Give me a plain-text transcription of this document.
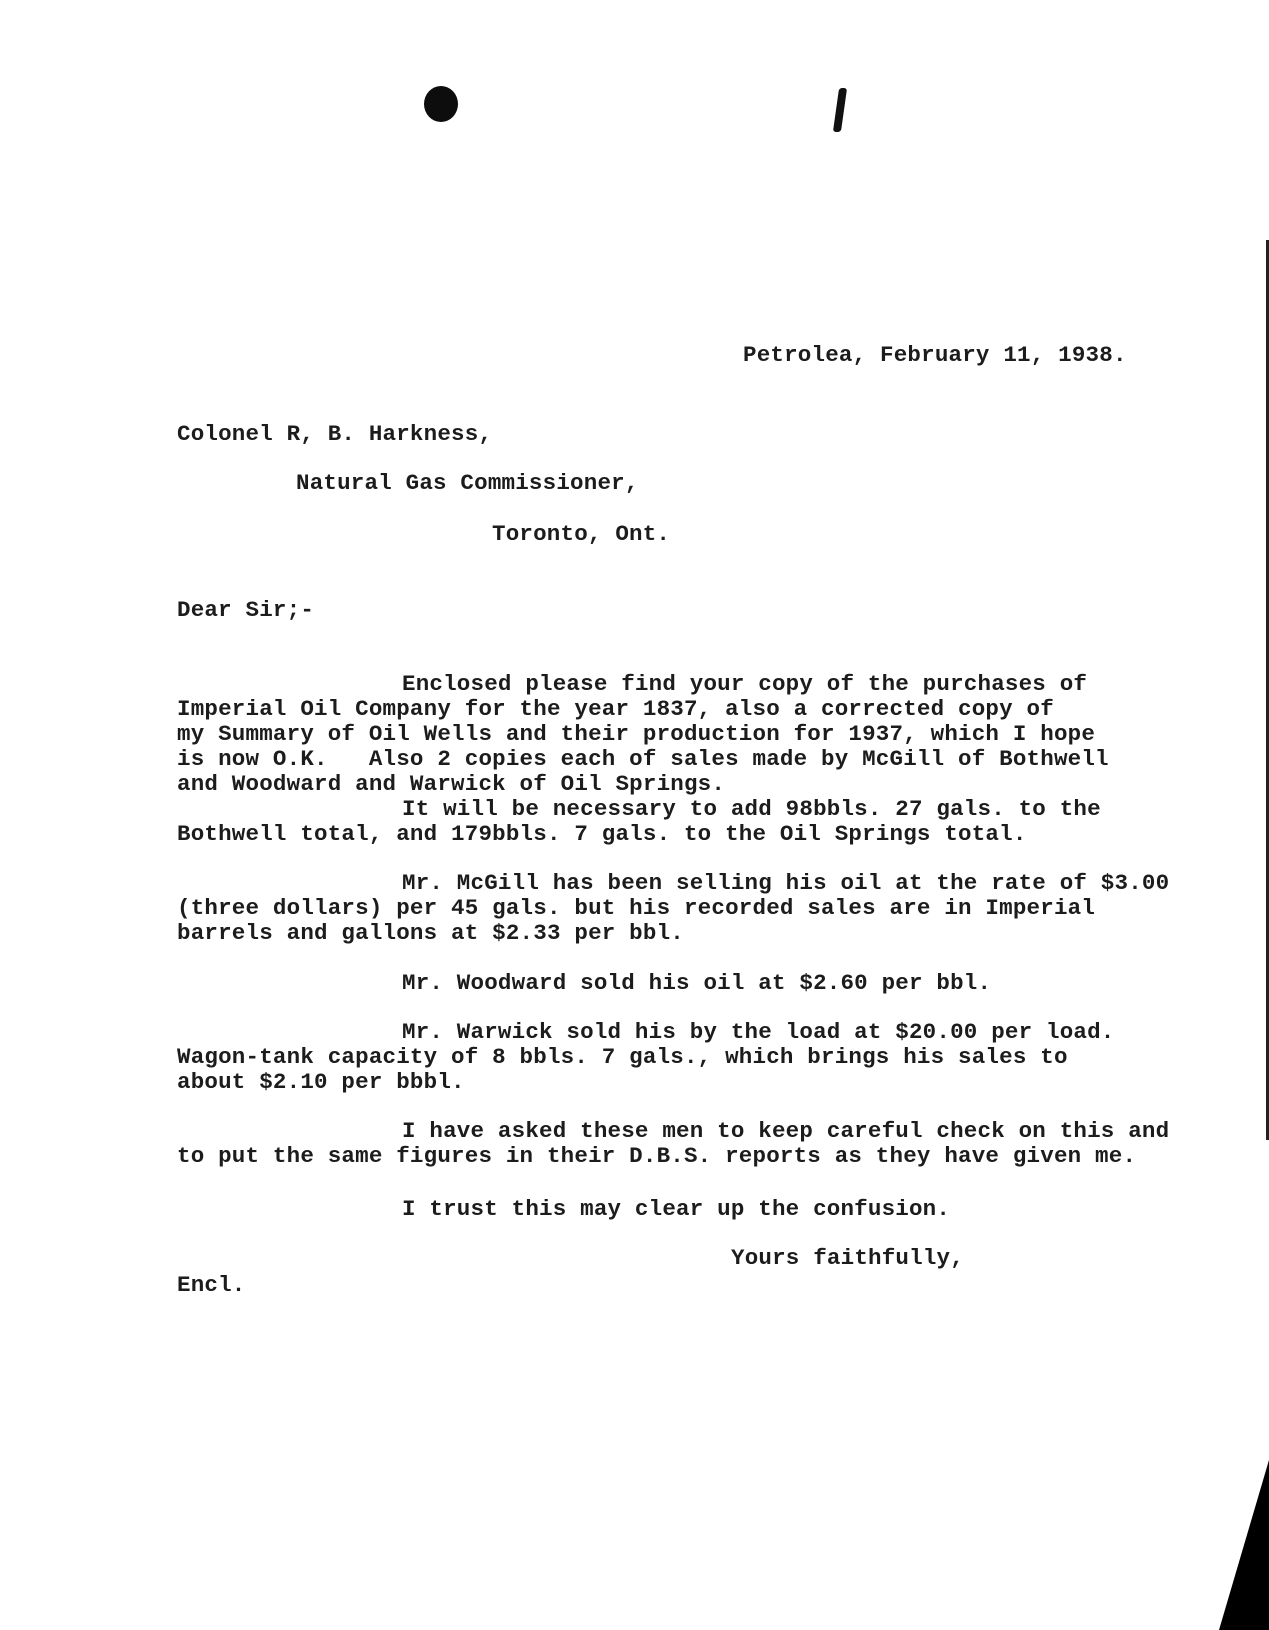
Petrolea, February 11, 1938.
Colonel R, B. Harkness,
Natural Gas Commissioner,
Toronto, Ont.
Dear Sir;-
Enclosed please find your copy of the purchases of
Imperial Oil Company for the year 1837, also a corrected copy of
my Summary of Oil Wells and their production for 1937, which I hope
is now O.K.   Also 2 copies each of sales made by McGill of Bothwell
and Woodward and Warwick of Oil Springs.
It will be necessary to add 98bbls. 27 gals. to the
Bothwell total, and 179bbls. 7 gals. to the Oil Springs total.
Mr. McGill has been selling his oil at the rate of $3.00
(three dollars) per 45 gals. but his recorded sales are in Imperial
barrels and gallons at $2.33 per bbl.
Mr. Woodward sold his oil at $2.60 per bbl.
Mr. Warwick sold his by the load at $20.00 per load.
Wagon-tank capacity of 8 bbls. 7 gals., which brings his sales to
about $2.10 per bbbl.
I have asked these men to keep careful check on this and
to put the same figures in their D.B.S. reports as they have given me.
I trust this may clear up the confusion.
Yours faithfully,
Encl.
